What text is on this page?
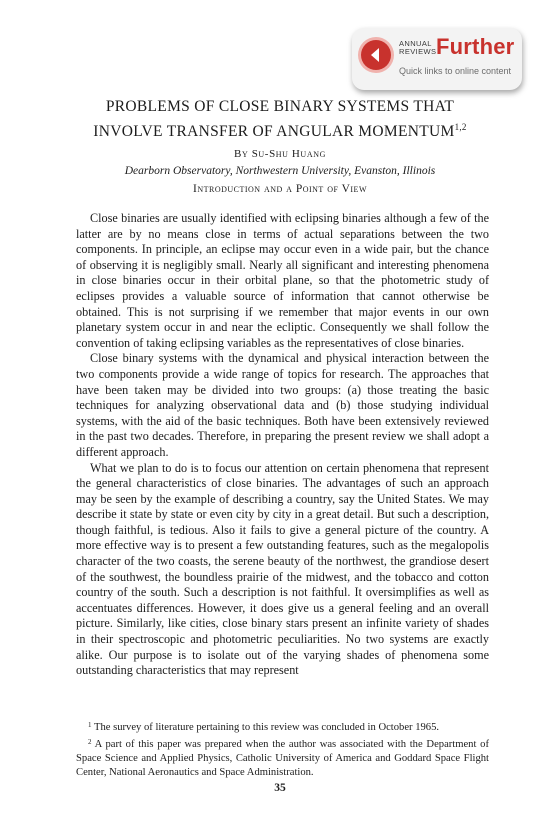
ANNUAL
REVIEWS Further
Quick links to online content
PROBLEMS OF CLOSE BINARY SYSTEMS THAT
INVOLVE TRANSFER OF ANGULAR MOMENTUM$^{1,2}$
By Su-Shu Huang
Dearborn Observatory, Northwestern University, Evanston, Illinois
Introduction and a Point of View

Close binaries are usually identified with eclipsing binaries although a few of the latter are by no means close in terms of actual separations between the two components. In principle, an eclipse may occur even in a wide pair, but the chance of observing it is negligibly small. Nearly all significant and interesting phenomena in close binaries occur in their orbital plane, so that the photometric study of eclipses provides a valuable source of information that cannot otherwise be obtained. This is not surprising if we remember that major events in our own planetary system occur in and near the ecliptic. Consequently we shall follow the convention of taking eclipsing variables as the representatives of close binaries.

Close binary systems with the dynamical and physical interaction between the two components provide a wide range of topics for research. The approaches that have been taken may be divided into two groups: (a) those treating the basic techniques for analyzing observational data and (b) those studying individual systems, with the aid of the basic techniques. Both have been extensively reviewed in the past two decades. Therefore, in preparing the present review we shall adopt a different approach.

What we plan to do is to focus our attention on certain phenomena that represent the general characteristics of close binaries. The advantages of such an approach may be seen by the example of describing a country, say the United States. We may describe it state by state or even city by city in a great detail. But such a description, though faithful, is tedious. Also it fails to give a general picture of the country. A more effective way is to present a few outstanding features, such as the megalopolis character of the two coasts, the serene beauty of the northwest, the grandiose desert of the southwest, the boundless prairie of the midwest, and the tobacco and cotton country of the south. Such a description is not faithful. It oversimplifies as well as accentuates differences. However, it does give us a general feeling and an overall picture. Similarly, like cities, close binary stars present an infinite variety of shades in their spectroscopic and photometric peculiarities. No two systems are exactly alike. Our purpose is to isolate out of the varying shades of phenomena some outstanding characteristics that may represent

$^1$ The survey of literature pertaining to this review was concluded in October 1965.

$^2$ A part of this paper was prepared when the author was associated with the Department of Space Science and Applied Physics, Catholic University of America and Goddard Space Flight Center, National Aeronautics and Space Administration.

35
